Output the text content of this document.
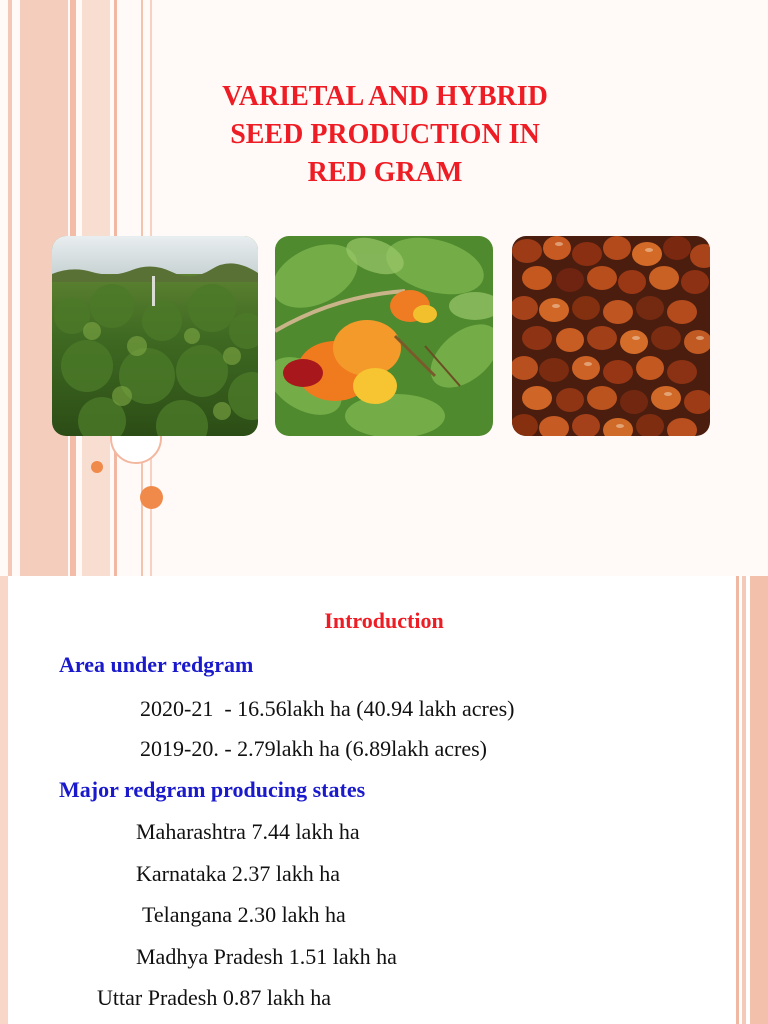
VARIETAL AND HYBRID
SEED PRODUCTION IN
RED GRAM
Introduction
Area under redgram

2020-21  - 16.56lakh ha (40.94 lakh acres)

2019-20. - 2.79lakh ha (6.89lakh acres)

Major redgram producing states

Maharashtra 7.44 lakh ha

Karnataka 2.37 lakh ha

Telangana 2.30 lakh ha

Madhya Pradesh 1.51 lakh ha

Uttar Pradesh 0.87 lakh ha
